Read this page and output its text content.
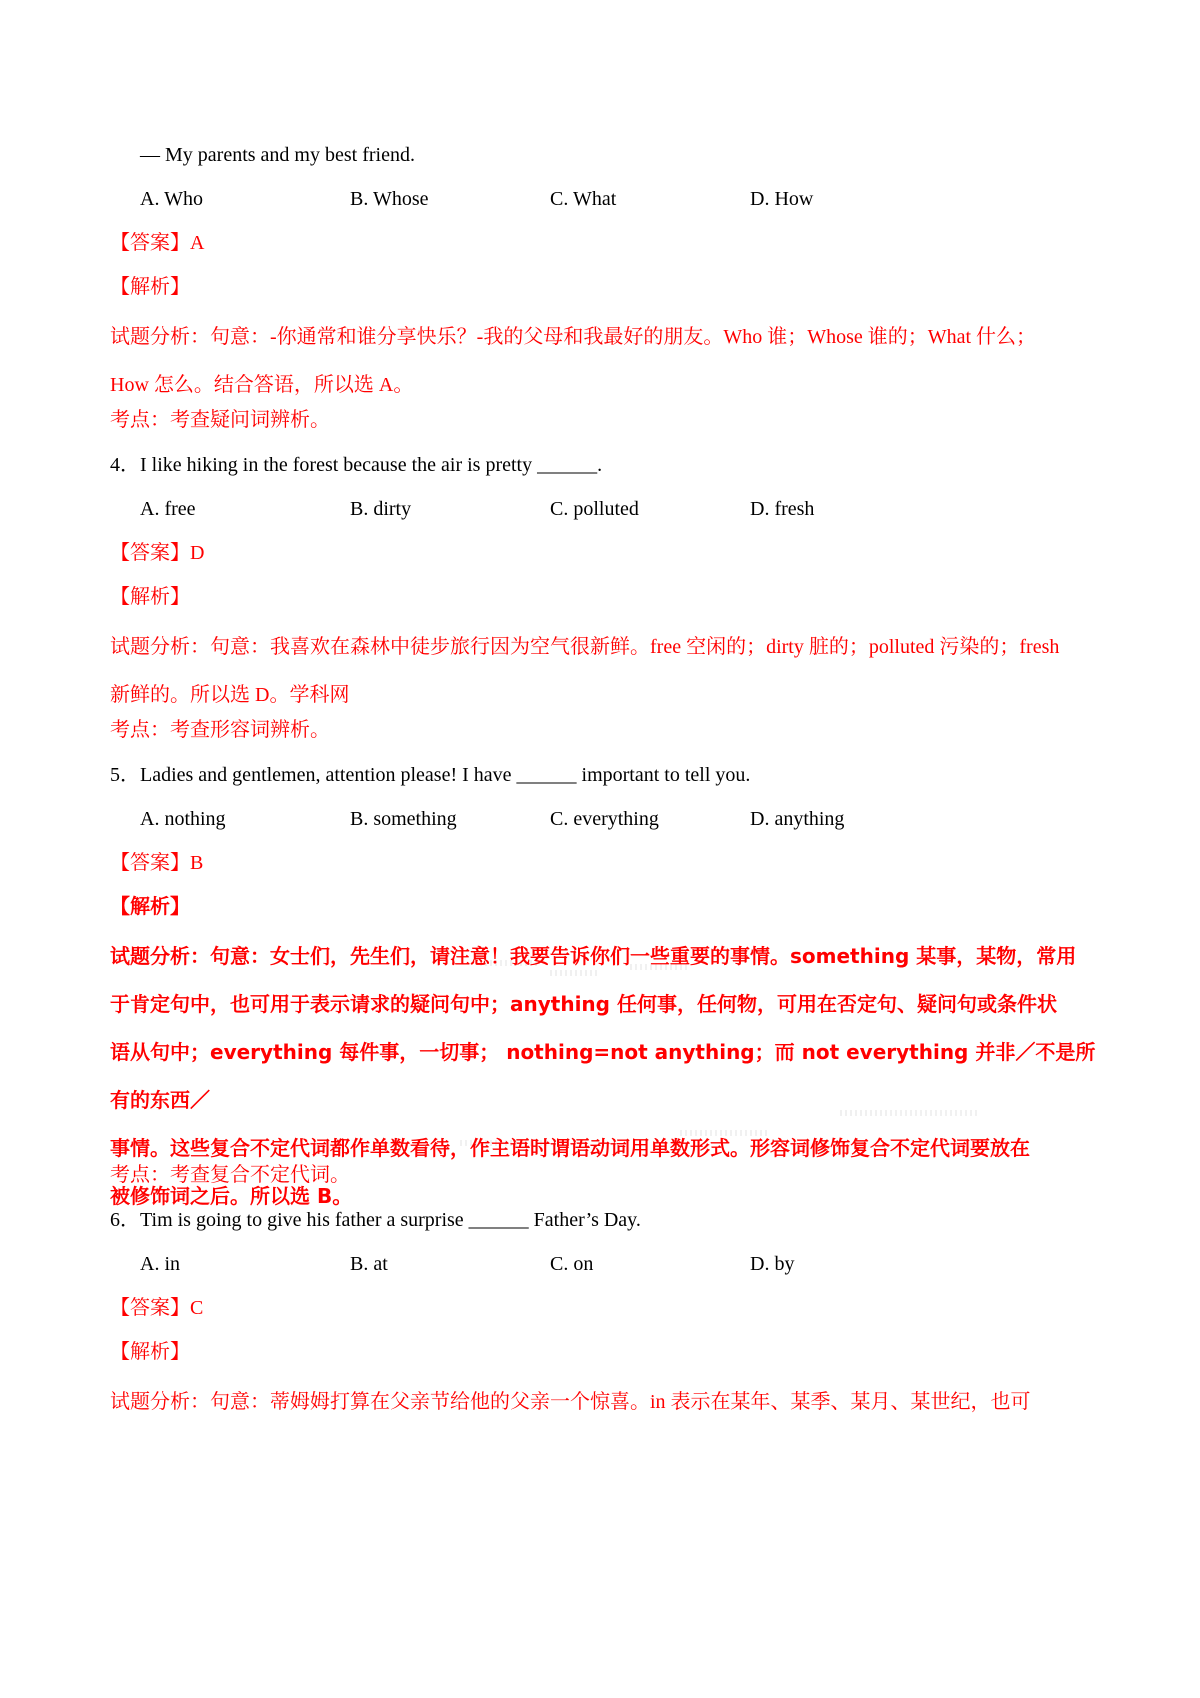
— My parents and my best friend.
A. Who	B. Whose	C. What	D. How
【答案】A
【解析】
试题分析：句意：-你通常和谁分享快乐？-我的父母和我最好的朋友。Who 谁；Whose 谁的；What 什么；
How 怎么。结合答语，所以选 A。
考点：考查疑问词辨析。
4．I like hiking in the forest because the air is pretty ______.
A. free	B. dirty	C. polluted	D. fresh
【答案】D
【解析】
试题分析：句意：我喜欢在森林中徒步旅行因为空气很新鲜。free 空闲的；dirty 脏的；polluted 污染的；fresh
新鲜的。所以选 D。学科网
考点：考查形容词辨析。
5．Ladies and gentlemen, attention please! I have ______ important to tell you.
A. nothing	B. something	C. everything	D. anything
【答案】B
【解析】
试题分析：句意：女士们，先生们，请注意！我要告诉你们一些重要的事情。something 某事，某物，常用
于肯定句中，也可用于表示请求的疑问句中；anything 任何事，任何物，可用在否定句、疑问句或条件状
语从句中；everything 每件事，一切事； nothing=not anything；而 not everything 并非／不是所有的东西／
事情。这些复合不定代词都作单数看待，作主语时谓语动词用单数形式。形容词修饰复合不定代词要放在
被修饰词之后。所以选 B。
考点：考查复合不定代词。
6．Tim is going to give his father a surprise ______ Father’s Day.
A. in	B. at	C. on	D. by
【答案】C
【解析】
试题分析：句意：蒂姆姆打算在父亲节给他的父亲一个惊喜。in 表示在某年、某季、某月、某世纪，也可
